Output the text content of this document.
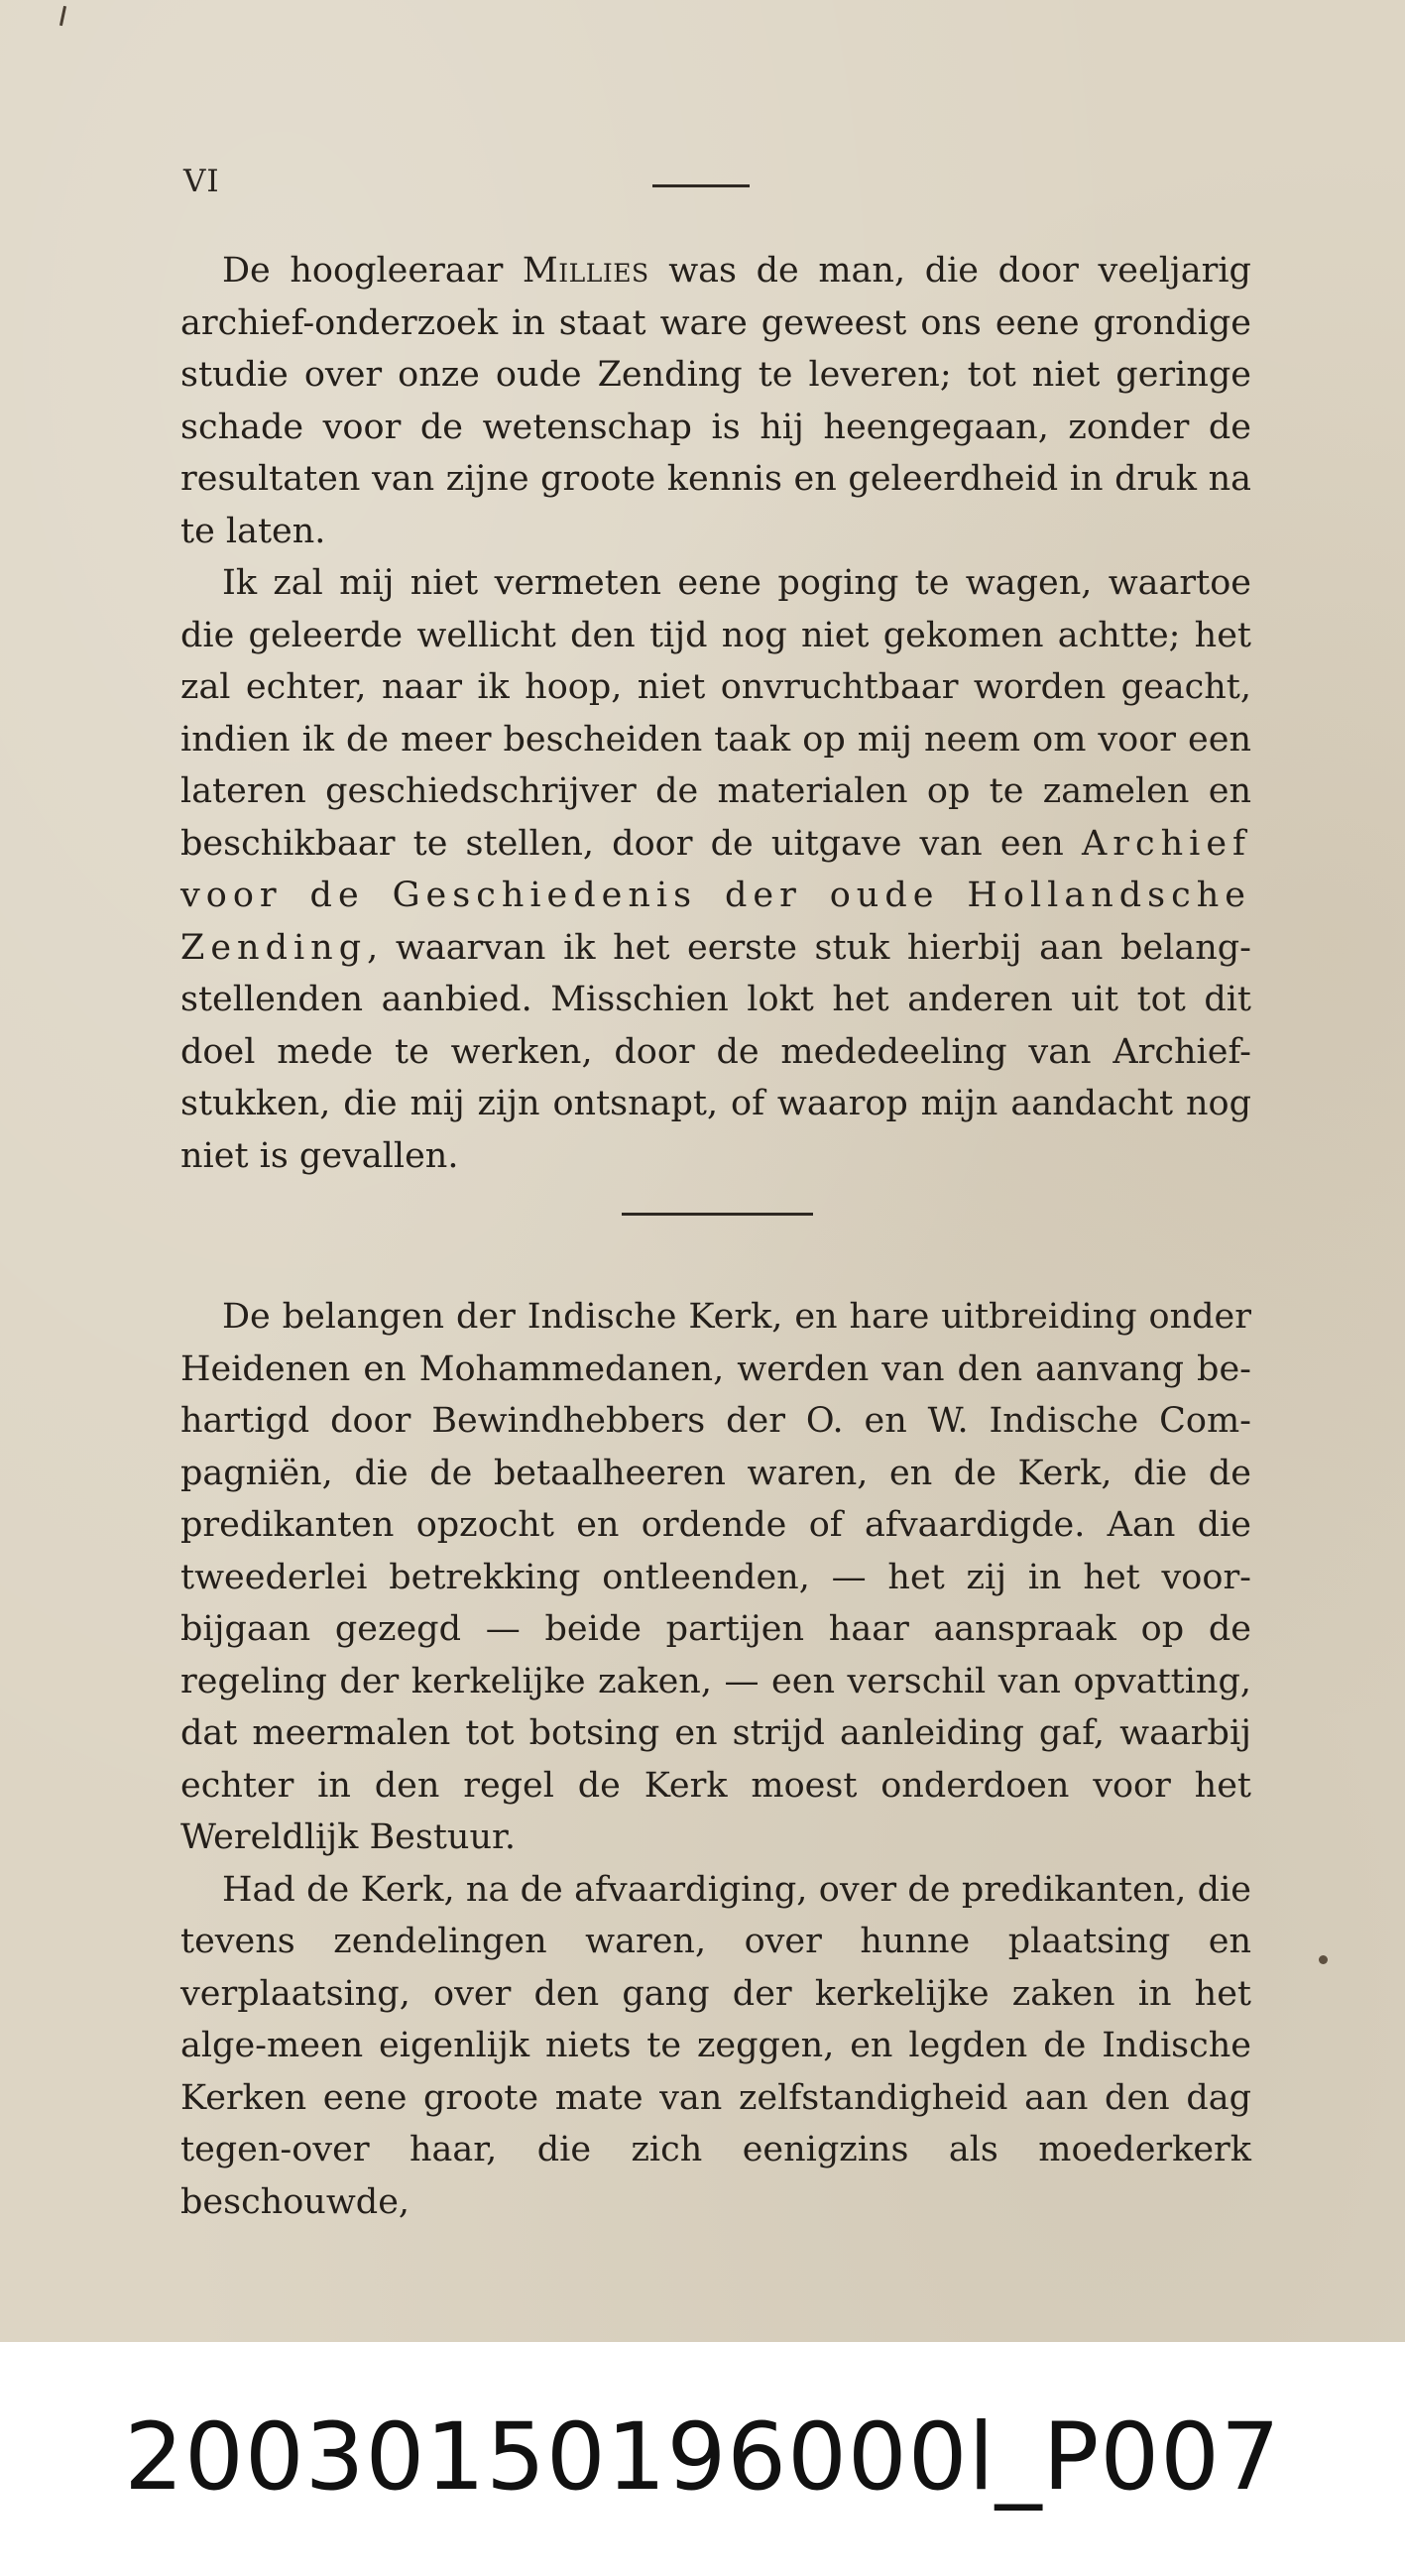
VI

De hoogleeraar Millies was de man, die door veeljarig archief-onderzoek in staat ware geweest ons eene grondige studie over onze oude Zending te leveren; tot niet geringe schade voor de wetenschap is hij heengegaan, zonder de resultaten van zijne groote kennis en geleerdheid in druk na te laten.

Ik zal mij niet vermeten eene poging te wagen, waartoe die geleerde wellicht den tijd nog niet gekomen achtte; het zal echter, naar ik hoop, niet onvruchtbaar worden geacht, indien ik de meer bescheiden taak op mij neem om voor een lateren geschiedschrijver de materialen op te zamelen en beschikbaar te stellen, door de uitgave van een Archief voor de Geschiedenis der oude Hollandsche Zending, waarvan ik het eerste stuk hierbij aan belang-stellenden aanbied. Misschien lokt het anderen uit tot dit doel mede te werken, door de mededeeling van Archief-stukken, die mij zijn ontsnapt, of waarop mijn aandacht nog niet is gevallen.

De belangen der Indische Kerk, en hare uitbreiding onder Heidenen en Mohammedanen, werden van den aanvang be-hartigd door Bewindhebbers der O. en W. Indische Com-pagniën, die de betaalheeren waren, en de Kerk, die de predikanten opzocht en ordende of afvaardigde. Aan die tweederlei betrekking ontleenden, — het zij in het voor-bijgaan gezegd — beide partijen haar aanspraak op de regeling der kerkelijke zaken, — een verschil van opvatting, dat meermalen tot botsing en strijd aanleiding gaf, waarbij echter in den regel de Kerk moest onderdoen voor het Wereldlijk Bestuur.

Had de Kerk, na de afvaardiging, over de predikanten, die tevens zendelingen waren, over hunne plaatsing en verplaatsing, over den gang der kerkelijke zaken in het alge-meen eigenlijk niets te zeggen, en legden de Indische Kerken eene groote mate van zelfstandigheid aan den dag tegen-over haar, die zich eenigzins als moederkerk beschouwde,

20030150196000l_P007
